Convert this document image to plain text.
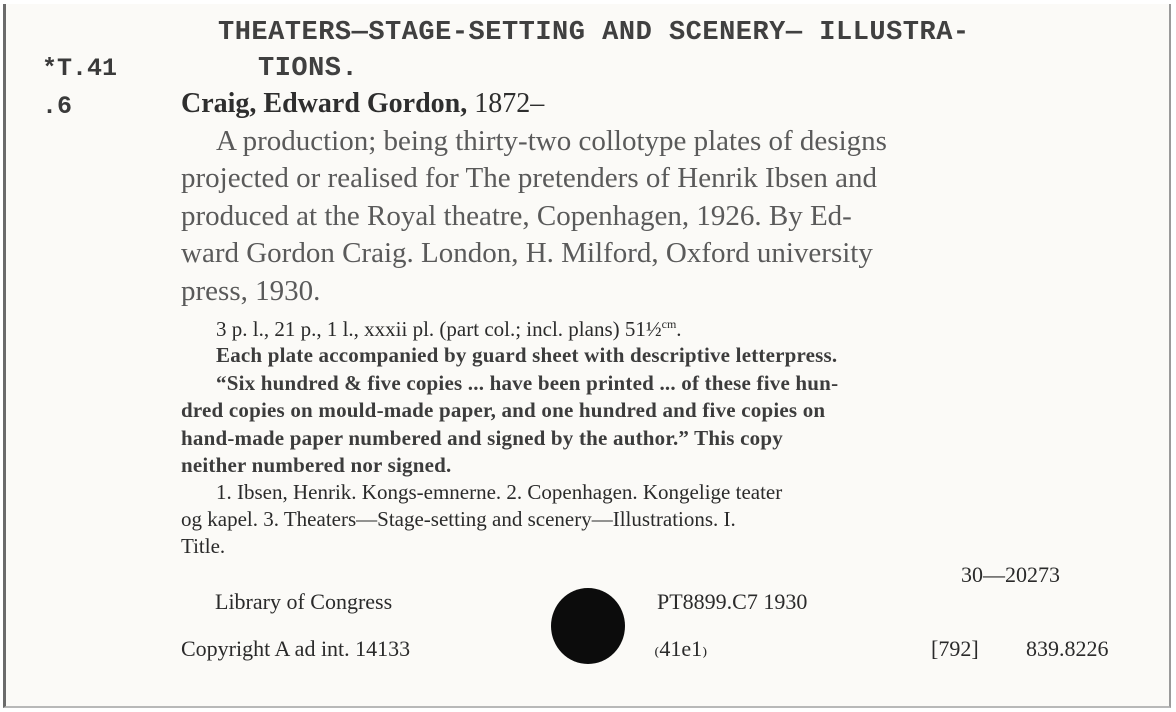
THEATERS—STAGE-SETTING AND SCENERY— ILLUSTRA-
TIONS.
*T.41
.6	Craig, Edward Gordon, 1872–
A production; being thirty-two collotype plates of designs
projected or realised for The pretenders of Henrik Ibsen and
produced at the Royal theatre, Copenhagen, 1926. By Ed-
ward Gordon Craig. London, H. Milford, Oxford university
press, 1930.
3 p. l., 21 p., 1 l., xxxii pl. (part col.; incl. plans) 51½$^{cm}$.
Each plate accompanied by guard sheet with descriptive letterpress.
“Six hundred & five copies ... have been printed ... of these five hun-
dred copies on mould-made paper, and one hundred and five copies on
hand-made paper numbered and signed by the author.” This copy
neither numbered nor signed.
1. Ibsen, Henrik. Kongs-emnerne. 2. Copenhagen. Kongelige teater
og kapel. 3. Theaters—Stage-setting and scenery—Illustrations. I.
Title.
30—20273
Library of Congress	PT8899.C7 1930
Copyright A ad int. 14133	₍41e1₎	[792] 839.8226
